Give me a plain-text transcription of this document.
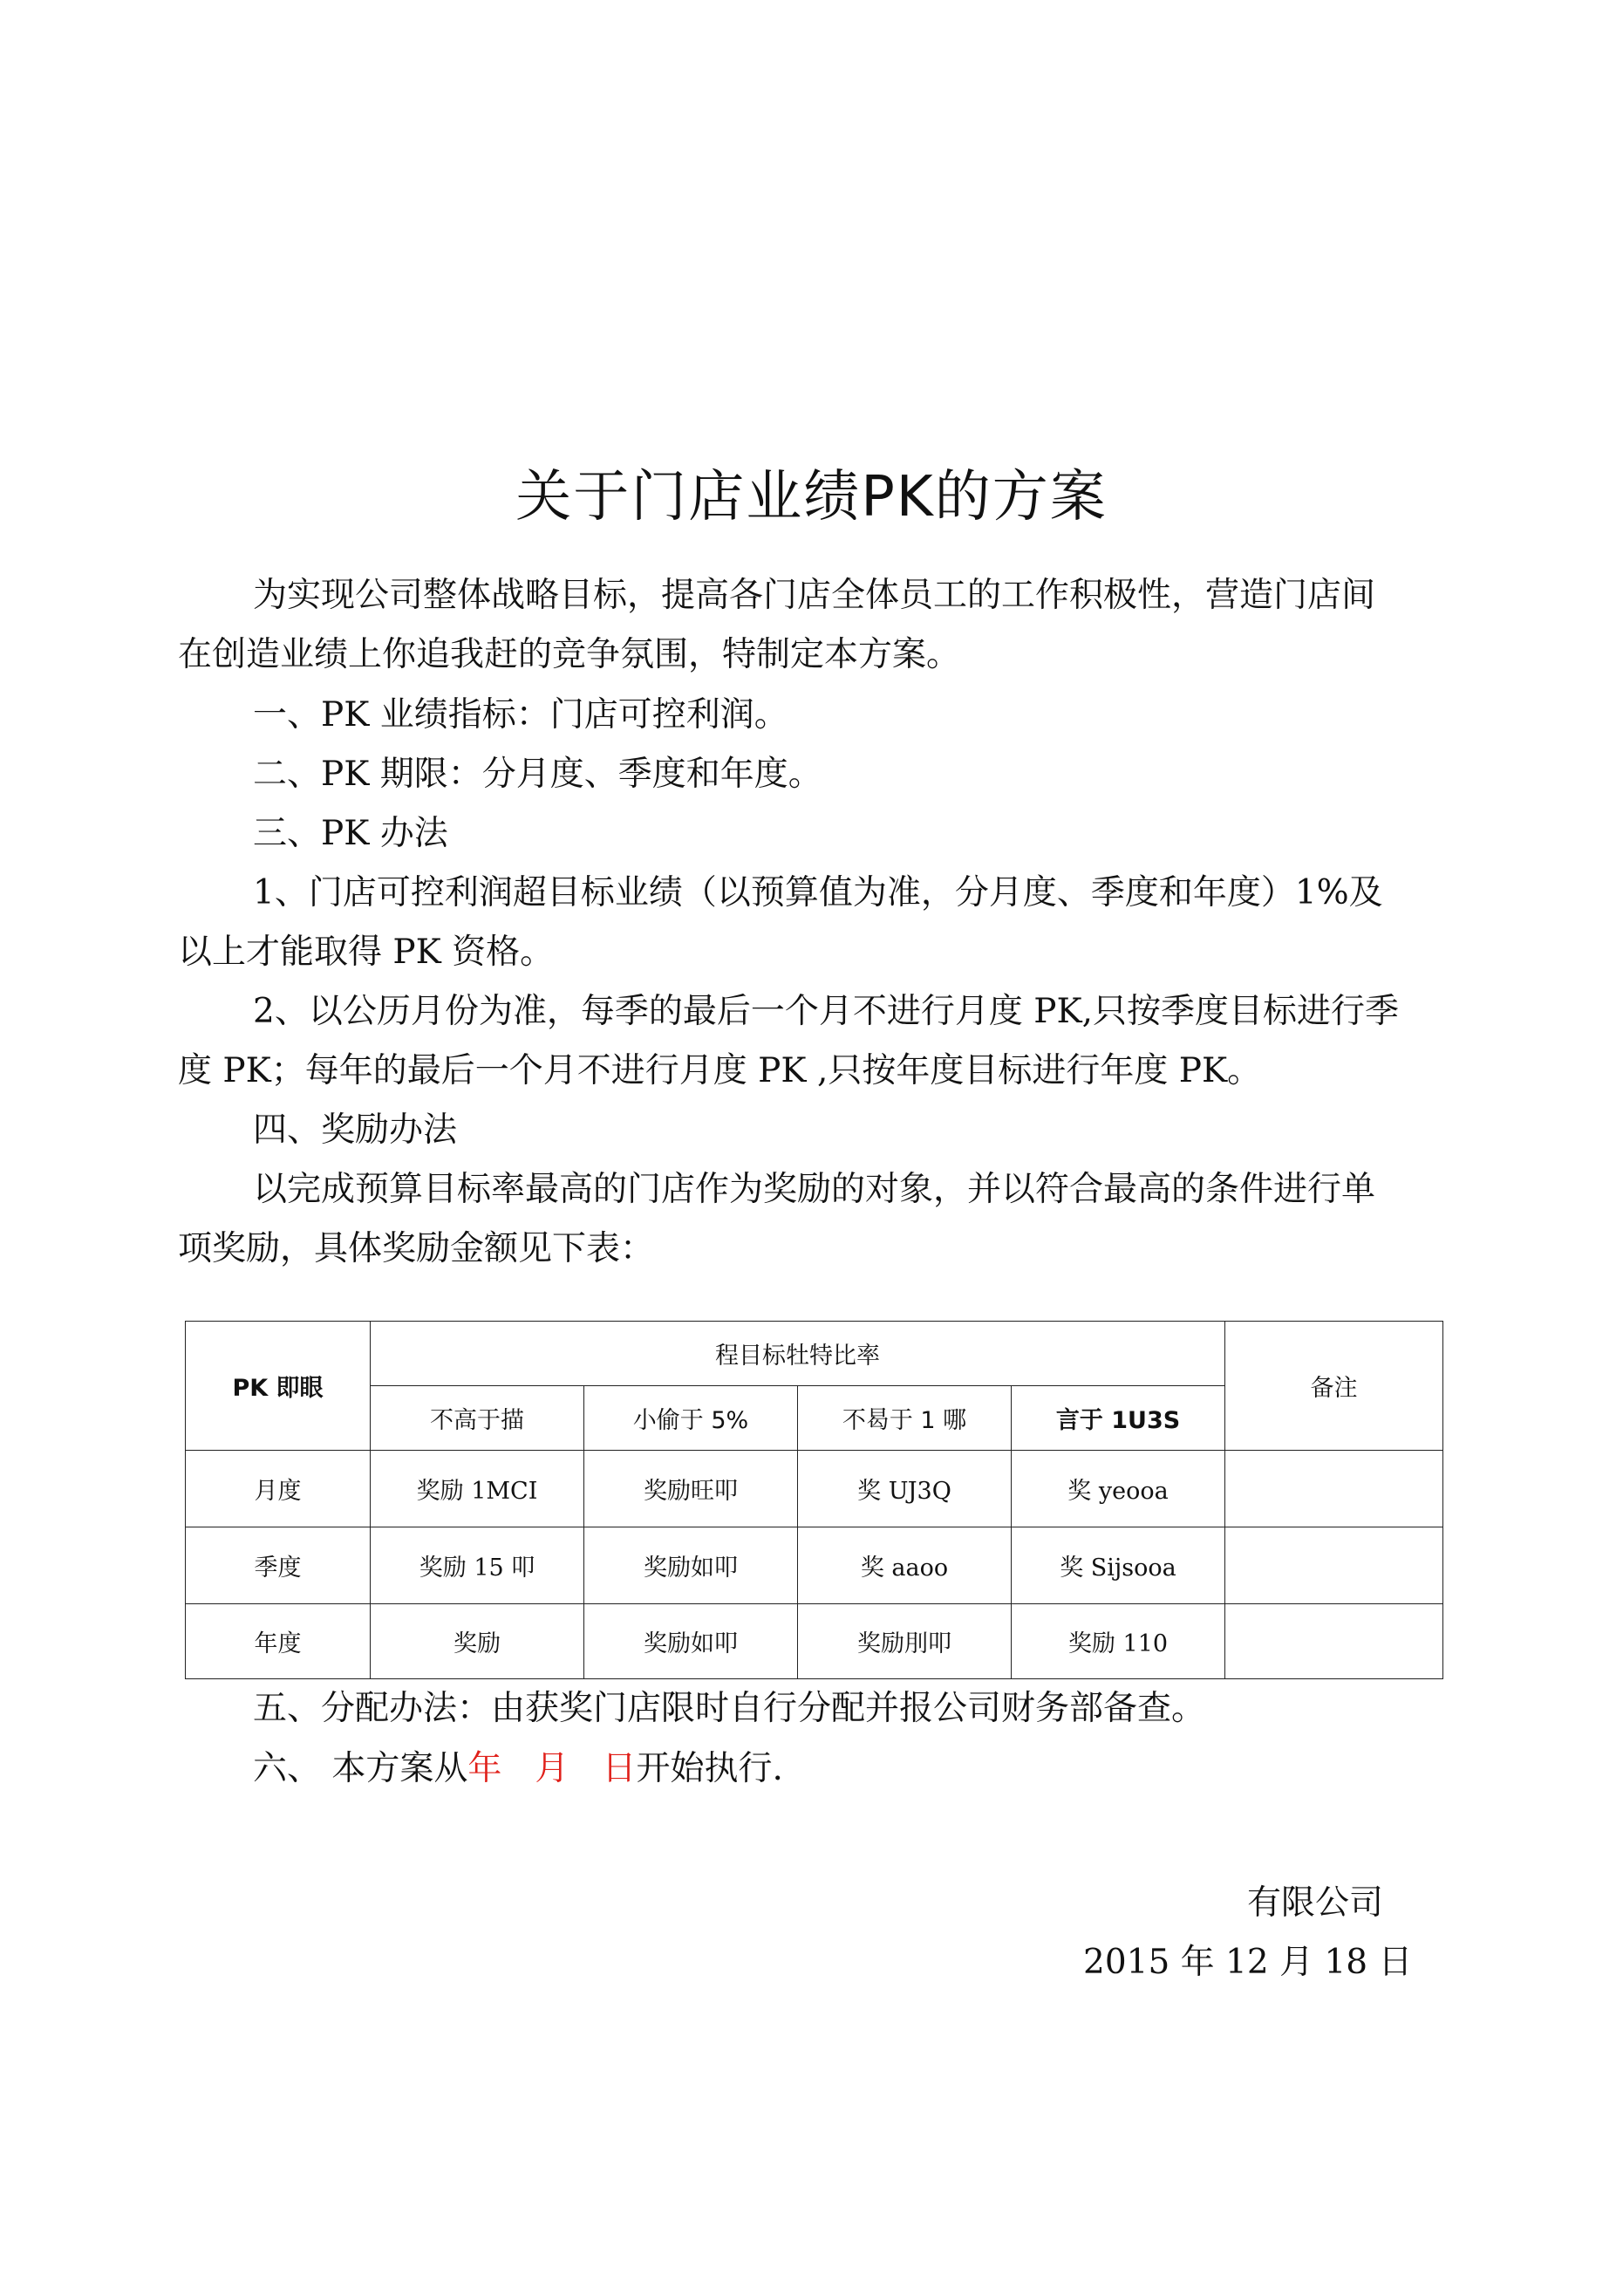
关于门店业绩PK的方案
为实现公司整体战略目标，提高各门店全体员工的工作积极性，营造门店间
在创造业绩上你追我赶的竞争氛围，特制定本方案。
一、PK 业绩指标：门店可控利润。
二、PK 期限：分月度、季度和年度。
三、PK 办法
1、门店可控利润超目标业绩（以预算值为准，分月度、季度和年度）1%及
以上才能取得 PK 资格。
2、以公历月份为准，每季的最后一个月不进行月度 PK,只按季度目标进行季
度 PK；每年的最后一个月不进行月度 PK ,只按年度目标进行年度 PK。
四、奖励办法
以完成预算目标率最高的门店作为奖励的对象，并以符合最高的条件进行单
项奖励，具体奖励金额见下表：
PK 即眼	程目标牡特比率				备注
	不高于描	小偷于 5%	不曷于 1 哪	言于 1U3S	
月度	奖励 1MCI	奖励旺叩	奖 UJ3Q	奖 yeooa	
季度	奖励 15 叩	奖励如叩	奖 aaoo	奖 Sijsooa	
年度	奖励	奖励如叩	奖励刖叩	奖励 110	
五、分配办法：由获奖门店限时自行分配并报公司财务部备查。
六、 本方案从年 月 日开始执行.
有限公司
2015 年 12 月 18 日
